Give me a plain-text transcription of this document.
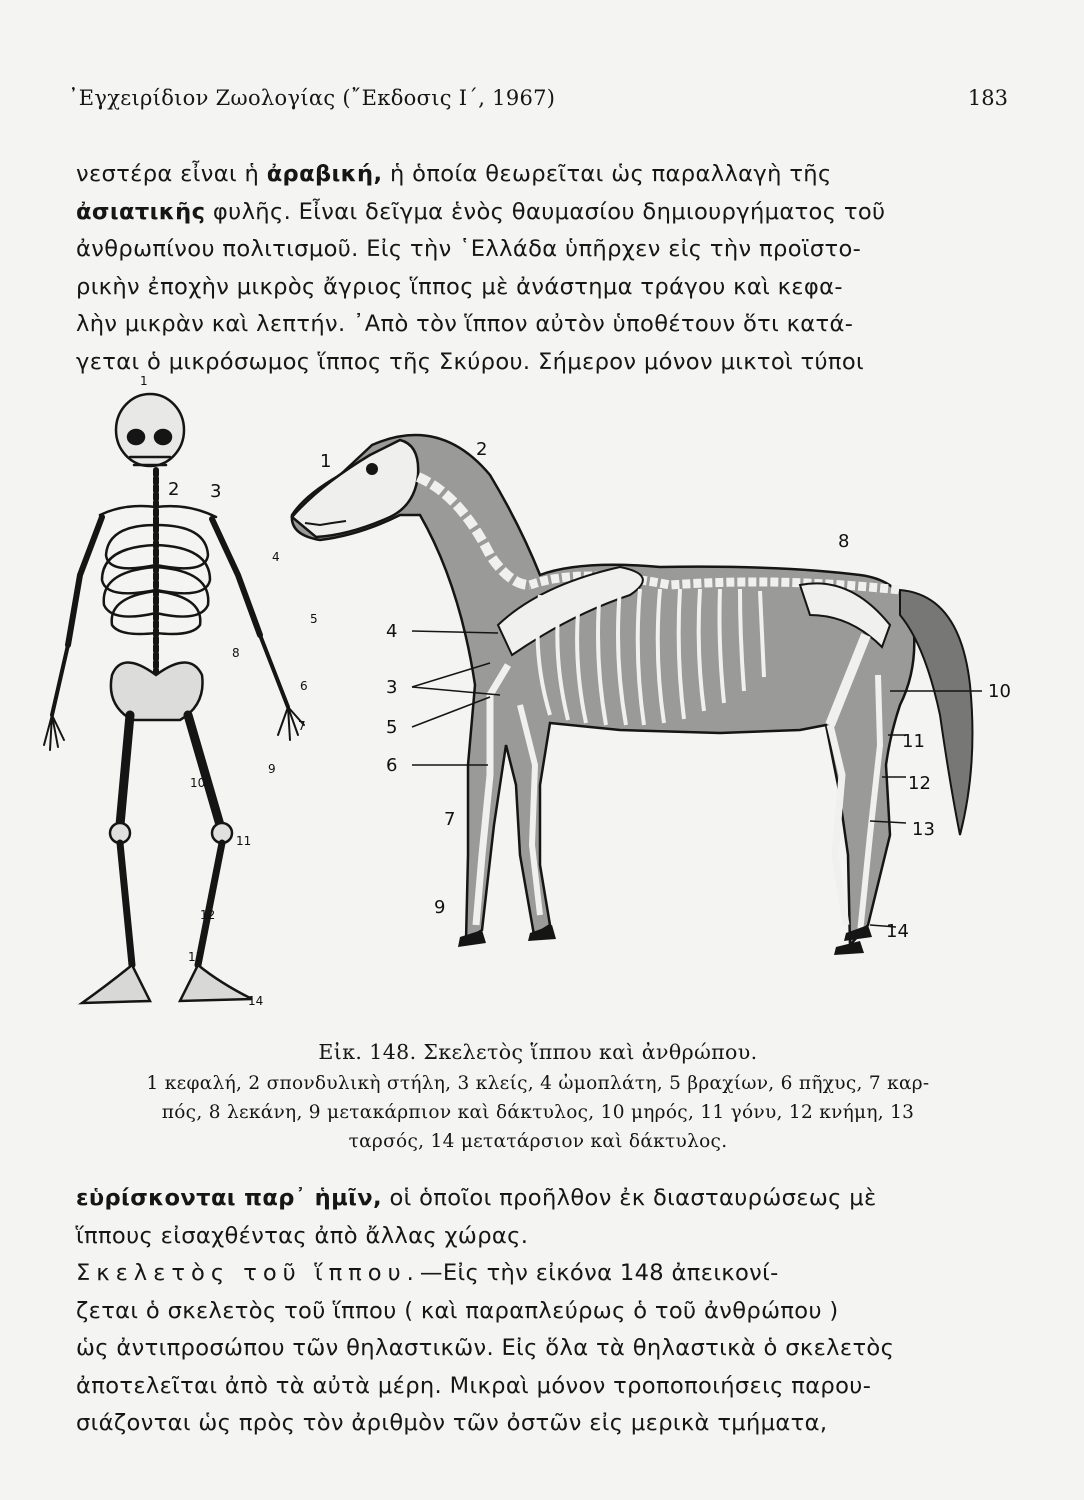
᾿Εγχειρίδιον Ζωολογίας (῎Εκδοσις Ι΄, 1967)	183
νεστέρα εἶναι ἡ ἀραβική, ἡ ὁποία θεωρεῖται ὡς παραλλαγὴ τῆς
ἀσιατικῆς φυλῆς. Εἶναι δεῖγμα ἑνὸς θαυμασίου δημιουργήματος τοῦ
ἀνθρωπίνου πολιτισμοῦ. Εἰς τὴν ῾Ελλάδα ὑπῆρχεν εἰς τὴν προϊστο-
ρικὴν ἐποχὴν μικρὸς ἄγριος ἵππος μὲ ἀνάστημα τράγου καὶ κεφα-
λὴν μικρὰν καὶ λεπτήν. ᾿Απὸ τὸν ἵππον αὐτὸν ὑποθέτουν ὅτι κατά-
γεται ὁ μικρόσωμος ἵππος τῆς Σκύρου. Σήμερον μόνον μικτοὶ τύποι
1
2 3
4
5
6
7
8
9
10
11
12
13
14
1
2
3
4
5
6
7
8
9
10
11
12
13
14
Εἰκ. 148. Σκελετὸς ἵππου καὶ ἀνθρώπου.
1 κεφαλή, 2 σπονδυλικὴ στήλη, 3 κλείς, 4 ὠμοπλάτη, 5 βραχίων, 6 πῆχυς, 7 καρ-
πός, 8 λεκάνη, 9 μετακάρπιον καὶ δάκτυλος, 10 μηρός, 11 γόνυ, 12 κνήμη, 13
ταρσός, 14 μετατάρσιον καὶ δάκτυλος.
εὑρίσκονται παρ᾿ ἡμῖν, οἱ ὁποῖοι προῆλθον ἐκ διασταυρώσεως μὲ
ἵππους εἰσαχθέντας ἀπὸ ἄλλας χώρας.
Σκελετὸς τοῦ ἵππου.—Εἰς τὴν εἰκόνα 148 ἀπεικονί-
ζεται ὁ σκελετὸς τοῦ ἵππου ( καὶ παραπλεύρως ὁ τοῦ ἀνθρώπου )
ὡς ἀντιπροσώπου τῶν θηλαστικῶν. Εἰς ὅλα τὰ θηλαστικὰ ὁ σκελετὸς
ἀποτελεῖται ἀπὸ τὰ αὐτὰ μέρη. Μικραὶ μόνον τροποποιήσεις παρου-
σιάζονται ὡς πρὸς τὸν ἀριθμὸν τῶν ὀστῶν εἰς μερικὰ τμήματα,
